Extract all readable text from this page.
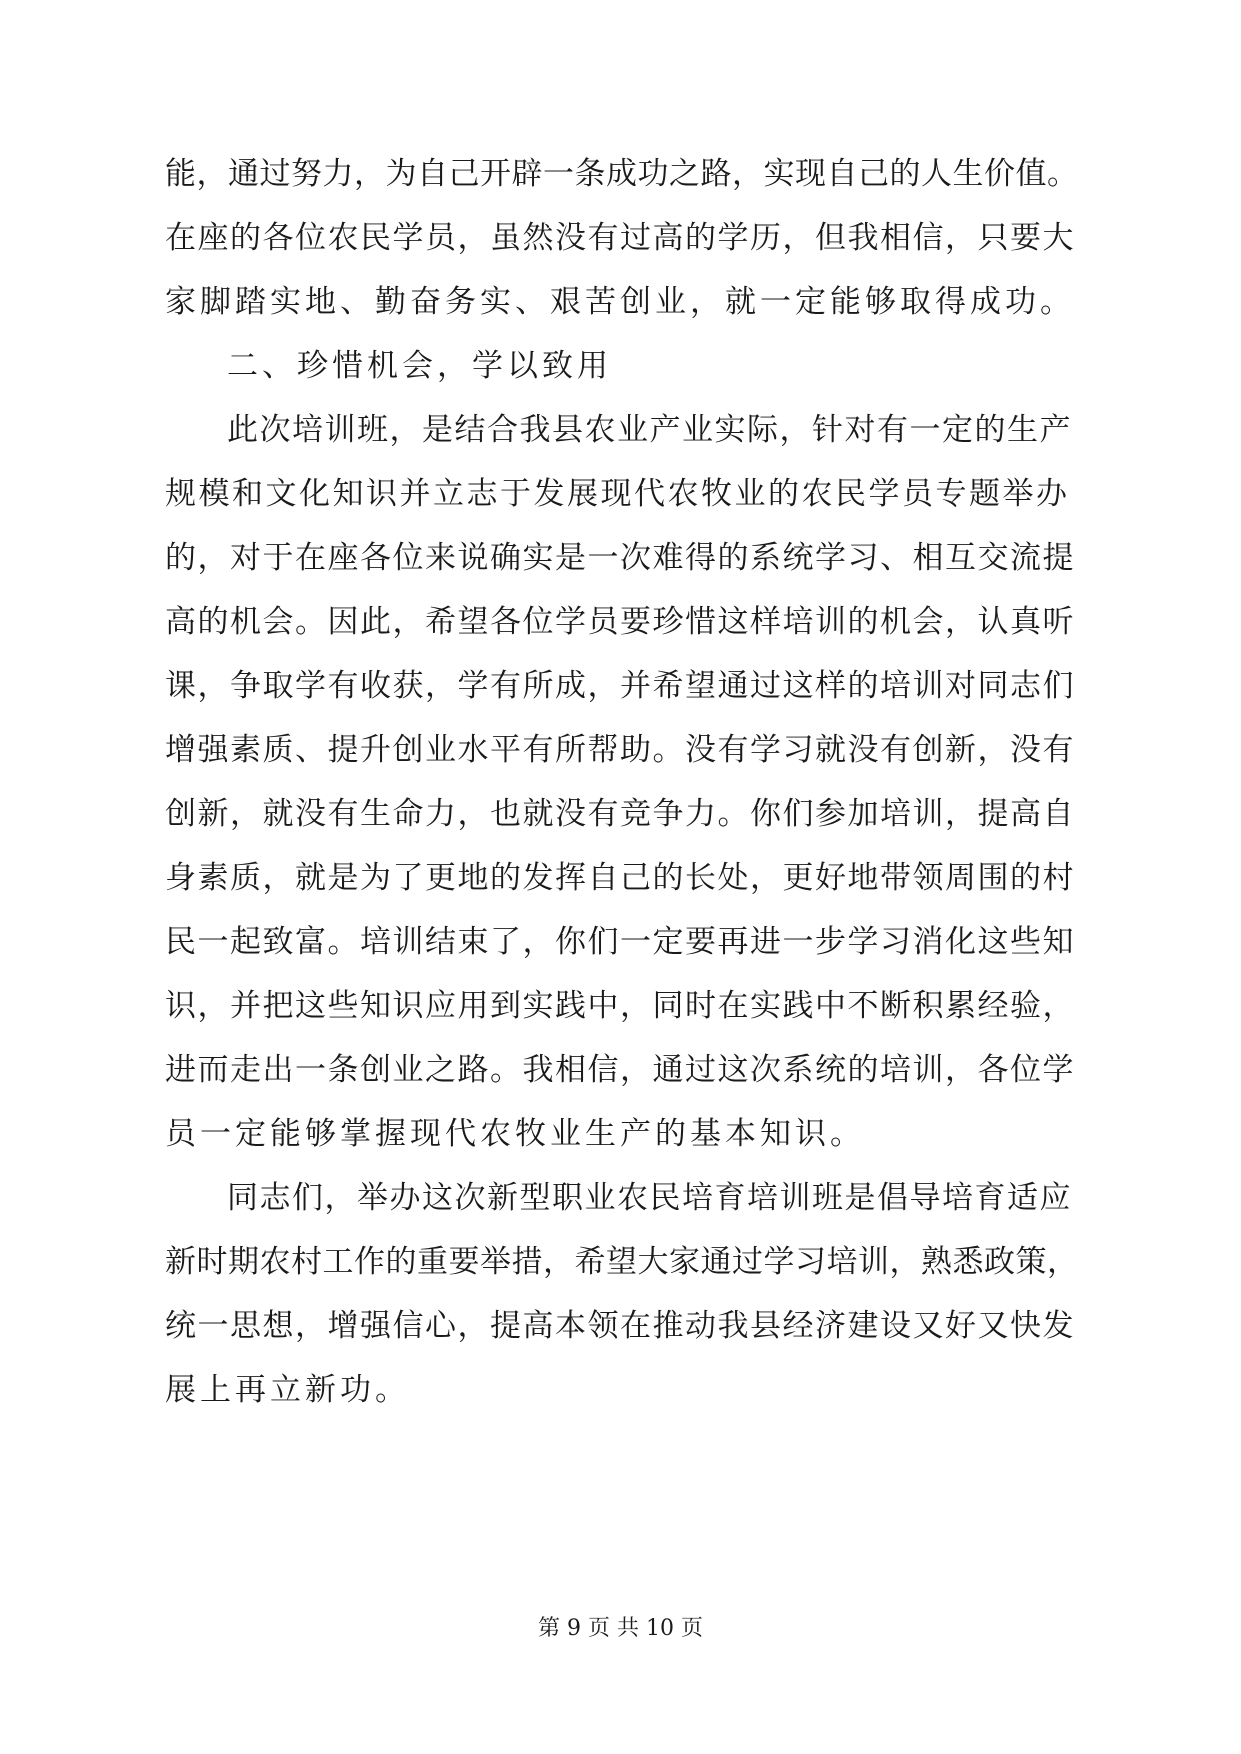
能，通过努力，为自己开辟一条成功之路，实现自己的人生价值。
在座的各位农民学员，虽然没有过高的学历，但我相信，只要大
家脚踏实地、勤奋务实、艰苦创业，就一定能够取得成功。
二、珍惜机会，学以致用
此次培训班，是结合我县农业产业实际，针对有一定的生产
规模和文化知识并立志于发展现代农牧业的农民学员专题举办
的，对于在座各位来说确实是一次难得的系统学习、相互交流提
高的机会。因此，希望各位学员要珍惜这样培训的机会，认真听
课，争取学有收获，学有所成，并希望通过这样的培训对同志们
增强素质、提升创业水平有所帮助。没有学习就没有创新，没有
创新，就没有生命力，也就没有竞争力。你们参加培训，提高自
身素质，就是为了更地的发挥自己的长处，更好地带领周围的村
民一起致富。培训结束了，你们一定要再进一步学习消化这些知
识，并把这些知识应用到实践中，同时在实践中不断积累经验，
进而走出一条创业之路。我相信，通过这次系统的培训，各位学
员一定能够掌握现代农牧业生产的基本知识。
同志们，举办这次新型职业农民培育培训班是倡导培育适应
新时期农村工作的重要举措，希望大家通过学习培训，熟悉政策，
统一思想，增强信心，提高本领在推动我县经济建设又好又快发
展上再立新功。
第 9 页 共 10 页
